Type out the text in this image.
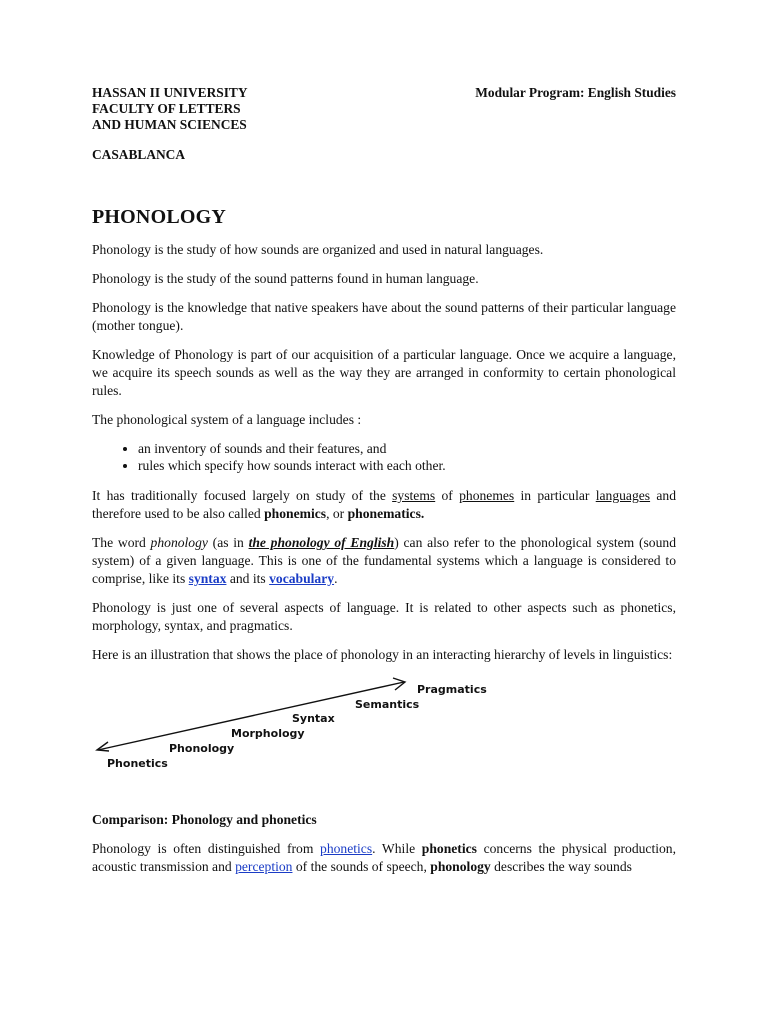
HASSAN II UNIVERSITY
FACULTY OF LETTERS
AND HUMAN SCIENCES
CASABLANCA
Modular Program: English Studies
PHONOLOGY

Phonology is the study of how sounds are organized and used in natural languages.

Phonology is the study of the sound patterns found in human language.

Phonology is the knowledge that native speakers have about the sound patterns of their particular language (mother tongue).

Knowledge of Phonology is part of our acquisition of a particular language. Once we acquire a language, we acquire its speech sounds as well as the way they are arranged in conformity to certain phonological rules.

The phonological system of a language includes :

• an inventory of sounds and their features, and
• rules which specify how sounds interact with each other.

It has traditionally focused largely on study of the systems of phonemes in particular languages and therefore used to be also called phonemics, or phonematics.

The word phonology (as in the phonology of English) can also refer to the phonological system (sound system) of a given language. This is one of the fundamental systems which a language is considered to comprise, like its syntax and its vocabulary.

Phonology is just one of several aspects of language. It is related to other aspects such as phonetics, morphology, syntax, and pragmatics.

Here is an illustration that shows the place of phonology in an interacting hierarchy of levels in linguistics:

Phonetics
Phonology
Morphology
Syntax
Semantics
Pragmatics
Comparison: Phonology and phonetics

Phonology is often distinguished from phonetics. While phonetics concerns the physical production, acoustic transmission and perception of the sounds of speech, phonology describes the way sounds
